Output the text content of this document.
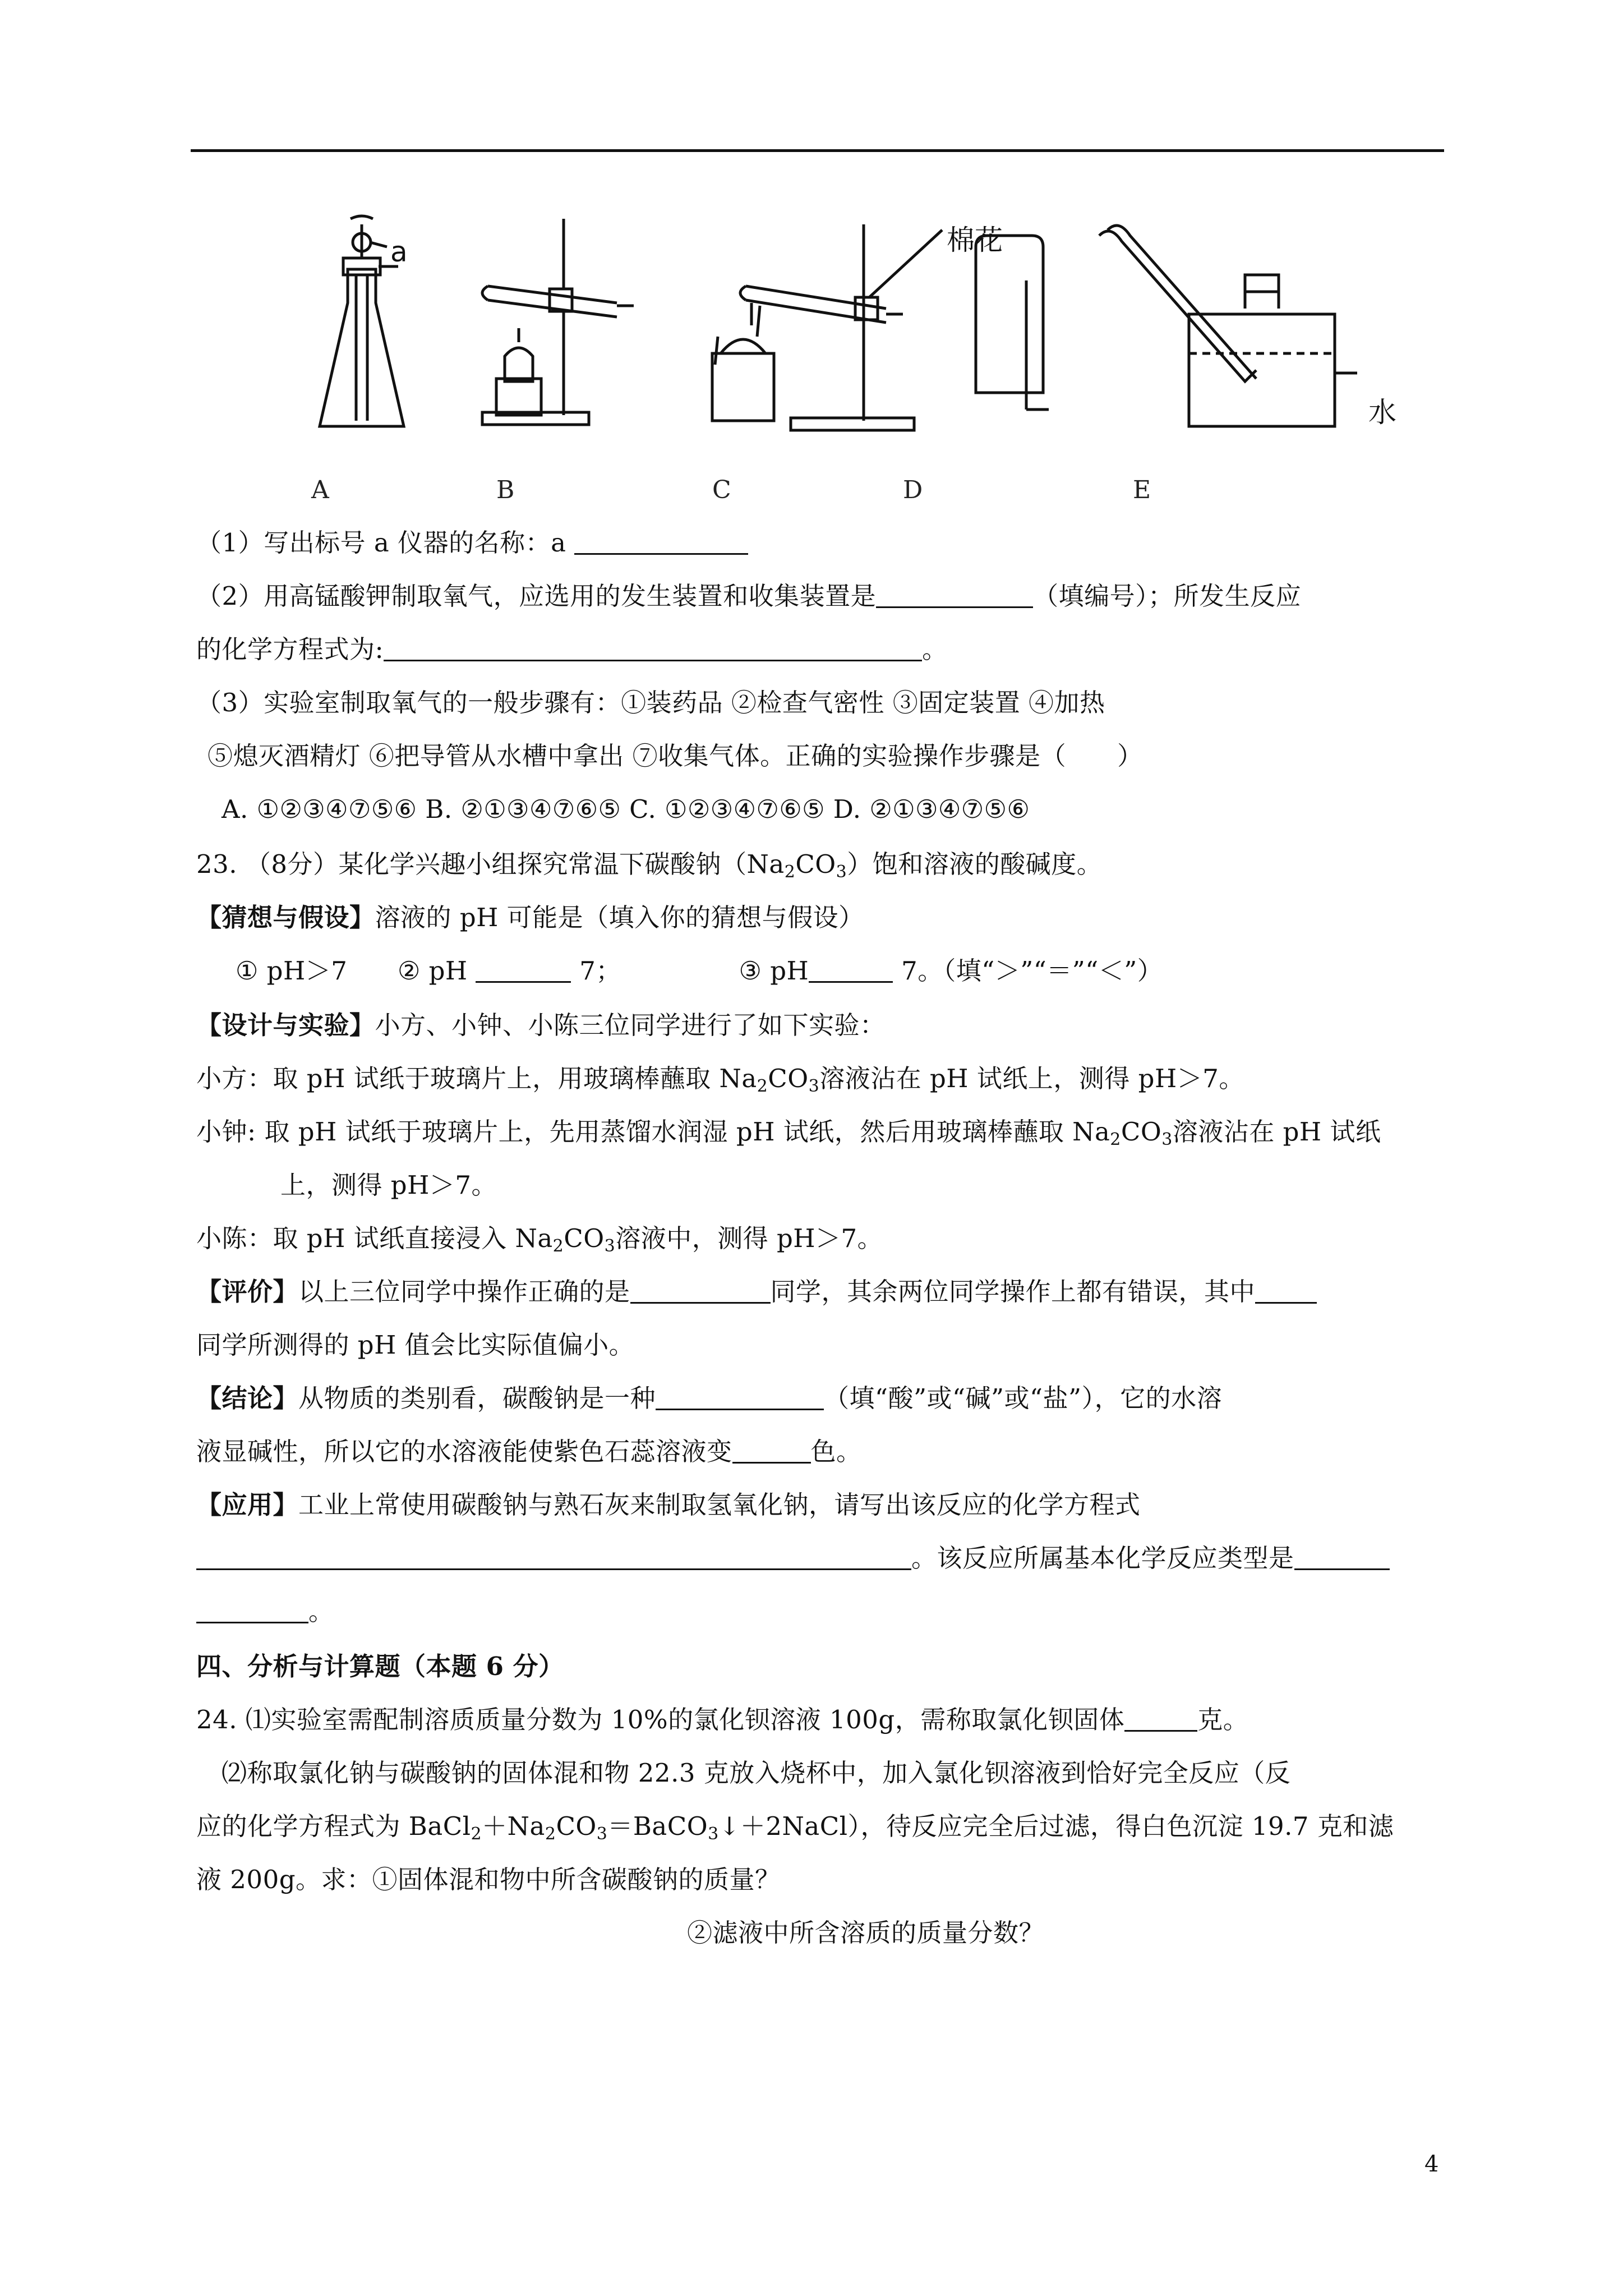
a	棉花
水
A	B	C	D	E
（1）写出标号 a 仪器的名称：a
（2）用高锰酸钾制取氧气，应选用的发生装置和收集装置是	（填编号）；所发生反应
的化学方程式为:	。
（3）实验室制取氧气的一般步骤有：①装药品 ②检查气密性 ③固定装置 ④加热
⑤熄灭酒精灯 ⑥把导管从水槽中拿出 ⑦收集气体。正确的实验操作步骤是（　　）
A. ①②③④⑦⑤⑥ B. ②①③④⑦⑥⑤ C. ①②③④⑦⑥⑤ D. ②①③④⑦⑤⑥
23. （8分）某化学兴趣小组探究常温下碳酸钠$(Na_2CO_3)$饱和溶液的酸碱度。
【猜想与假设】溶液的 pH 可能是（填入你的猜想与假设）
① pH＞7 ② pH	7；	③ pH	7。（填“＞”“＝”“＜”）
【设计与实验】小方、小钟、小陈三位同学进行了如下实验：
小方：取 pH 试纸于玻璃片上，用玻璃棒蘸取 $Na_2CO_3$溶液沾在 pH 试纸上，测得 pH＞7。
小钟: 取 pH 试纸于玻璃片上，先用蒸馏水润湿 pH 试纸，然后用玻璃棒蘸取 $Na_2CO_3$溶液沾在 pH 试纸
上，测得 pH＞7。
小陈：取 pH 试纸直接浸入 $Na_2CO_3$溶液中，测得 pH＞7。
【评价】以上三位同学中操作正确的是	同学，其余两位同学操作上都有错误，其中
同学所测得的 pH 值会比实际值偏小。
【结论】从物质的类别看，碳酸钠是一种	（填“酸”或“碱”或“盐”），它的水溶
液显碱性，所以它的水溶液能使紫色石蕊溶液变	色。
【应用】工业上常使用碳酸钠与熟石灰来制取氢氧化钠，请写出该反应的化学方程式
。该反应所属基本化学反应类型是
。
四、分析与计算题（本题 6 分）
24. ⑴实验室需配制溶质质量分数为 10%的氯化钡溶液 100g，需称取氯化钡固体	克。
⑵称取氯化钠与碳酸钠的固体混和物 22.3 克放入烧杯中，加入氯化钡溶液到恰好完全反应（反
应的化学方程式为 $BaCl_2+Na_2CO_3=BaCO_3↓+2NaCl$），待反应完全后过滤，得白色沉淀 19.7 克和滤
液 200g。求：①固体混和物中所含碳酸钠的质量？
②滤液中所含溶质的质量分数？
4
